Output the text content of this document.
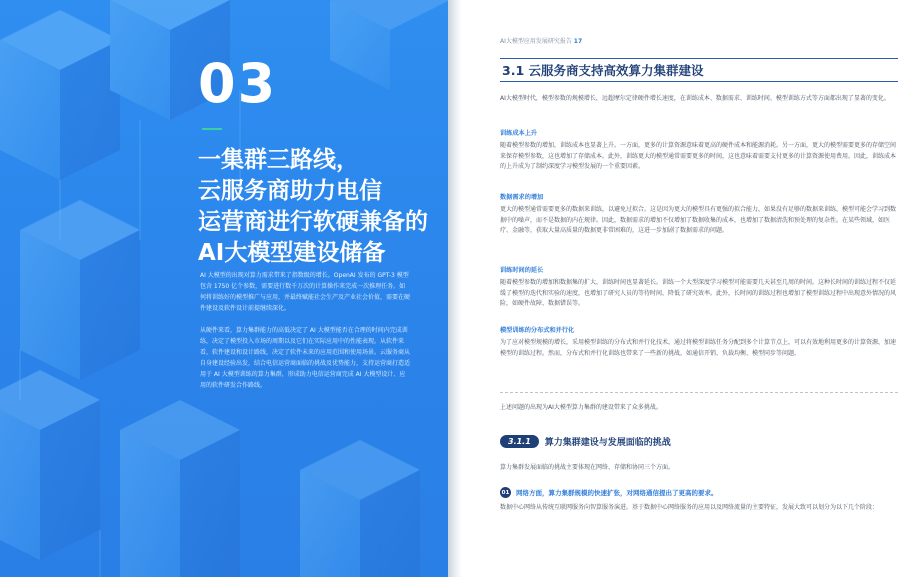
03
一集群三路线，
云服务商助力电信
运营商进行软硬兼备的
AI大模型建设储备

AI 大模型的出现对算力需求带来了指数级的增长。OpenAI 发布的 GPT-3 模型包含 1750 亿个参数，需要进行数千万次的计算操作来完成一次推理任务。如何将训练好的模型推广与应用，并最终赋能社会生产及产业社会价值，需要在硬件建设及软件设计前提继续深化。

从硬件来看，算力集群能力的高低决定了 AI 大模型能否在合理的时间内完成训练，决定了模型投入市场的周期以及它们在实际应用中的性能表现。从软件来看，软件建设和设计路线，决定了软件未来的应用范围和使用场景。云服务商从自身建设经验出发，结合电信运营商面临的挑战及优势能力，支持运营商打造适用于 AI 大模型训练的算力集群，形成助力电信运营商完成 AI 大模型设计、应用的软件研发合作路线。

AI大模型应用发展研究报告 17
3.1 云服务商支持高效算力集群建设

AI大模型时代，模型参数的规模增长，远超摩尔定律硬件增长速度，在训练成本、数据需求、训练时间、模型训练方式等方面都出现了显著的变化。

训练成本上升

随着模型参数的增加，训练成本也显著上升。一方面，更多的计算资源意味着更高的硬件成本和能源消耗。另一方面，更大的模型需要更多的存储空间来保存模型参数，这也增加了存储成本。此外，训练更大的模型通常需要更多的时间，这也意味着需要支付更多的计算资源使用费用。因此，训练成本的上升成为了制约深度学习模型发展的一个重要因素。

数据需求的增加

更大的模型通常需要更多的数据来训练，以避免过拟合。这是因为更大的模型具有更强的拟合能力，如果没有足够的数据来训练，模型可能会学习到数据中的噪声，而不是数据的内在规律。因此，数据需求的增加不仅增加了数据收集的成本，也增加了数据清洗和预处理的复杂性。在某些领域，如医疗、金融等，获取大量高质量的数据更非常困难的，这进一步加剧了数据需求的问题。

训练时间的延长

随着模型参数的增加和数据集的扩大，训练时间也显著延长。训练一个大型深度学习模型可能需要几天甚至几周的时间。这种长时间的训练过程不仅延缓了模型的迭代和实验的速度，也增加了研究人员的等待时间，降低了研究效率。此外，长时间的训练过程也增加了模型训练过程中出现意外情况的风险，如硬件故障、数据错误等。

模型训练的分布式和并行化

为了应对模型规模的增长，采用模型训练的分布式和并行化技术。通过将模型训练任务分配到多个计算节点上，可以有效地利用更多的计算资源，加速模型的训练过程。然而，分布式和并行化训练也带来了一些新的挑战，如通信开销、负载均衡、模型同步等问题。

上述问题的出现为AI大模型算力集群的建设带来了众多挑战。

3.1.1	算力集群建设与发展面临的挑战

算力集群发展面临的挑战主要体现在网络、存储和协同三个方面。

01 网络方面，算力集群规模的快速扩张，对网络通信提出了更高的要求。

数据中心网络从传统互联网服务向智算服务演进。基于数据中心网络服务的应用以及网络流量的主要特征，发展大致可以划分为以下几个阶段：
